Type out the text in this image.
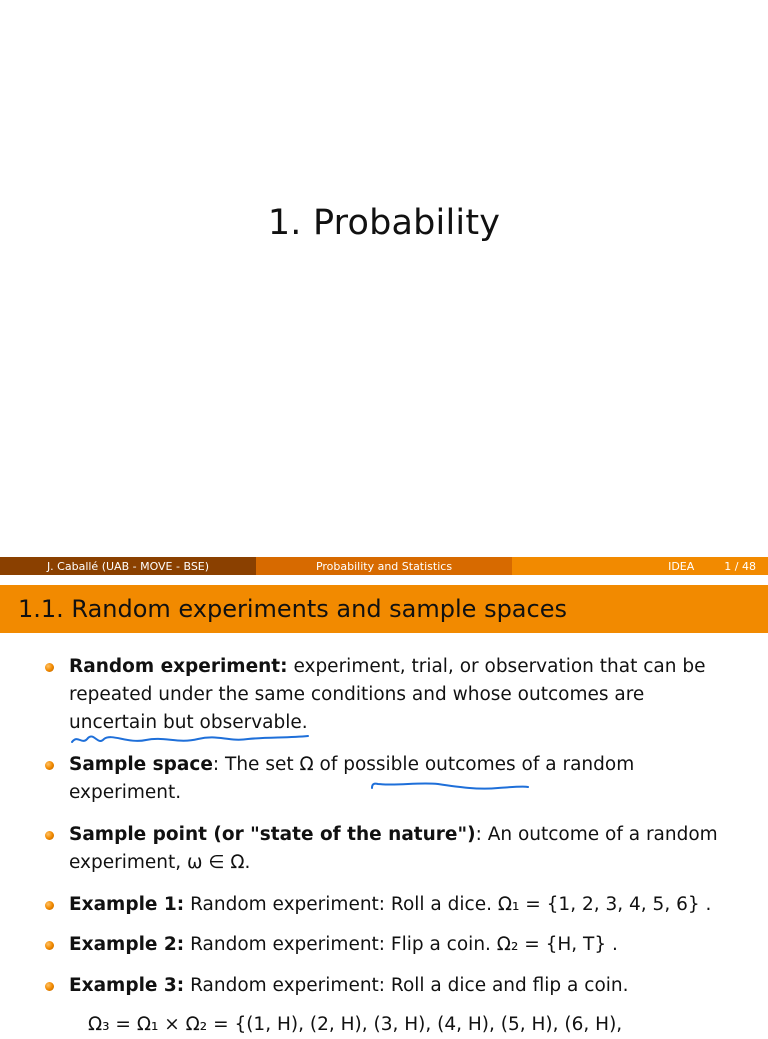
1. Probability
J. Caballé (UAB - MOVE - BSE)	Probability and Statistics	IDEA	1 / 48
1.1. Random experiments and sample spaces
Random experiment: experiment, trial, or observation that can be repeated under the same conditions and whose outcomes are uncertain but observable.
Sample space: The set Ω of possible outcomes of a random experiment.
Sample point (or "state of the nature"): An outcome of a random experiment, ω ∈ Ω.
Example 1: Random experiment: Roll a dice. Ω₁ = {1, 2, 3, 4, 5, 6} .
Example 2: Random experiment: Flip a coin. Ω₂ = {H, T} .
Example 3: Random experiment: Roll a dice and flip a coin.
Ω₃ = Ω₁ × Ω₂ = {(1, H), (2, H), (3, H), (4, H), (5, H), (6, H),
